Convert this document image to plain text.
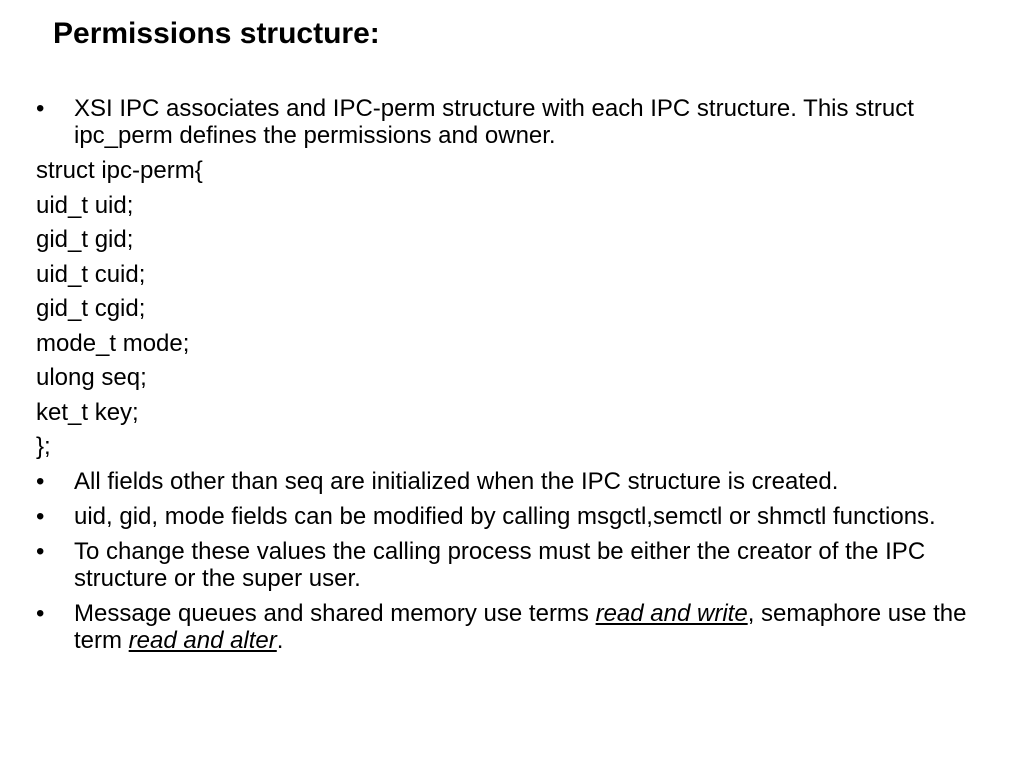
Permissions structure:
• XSI IPC associates and IPC-perm structure with each IPC structure. This struct ipc_perm defines the permissions and owner.
struct ipc-perm{
uid_t uid;
gid_t gid;
uid_t cuid;
gid_t cgid;
mode_t mode;
ulong seq;
ket_t key;
};
• All fields other than seq are initialized when the IPC structure is created.
• uid, gid, mode fields can be modified by calling msgctl,semctl or shmctl functions.
• To change these values the calling process must be either the creator of the IPC structure or the super user.
• Message queues and shared memory use terms read and write, semaphore use the term read and alter.
